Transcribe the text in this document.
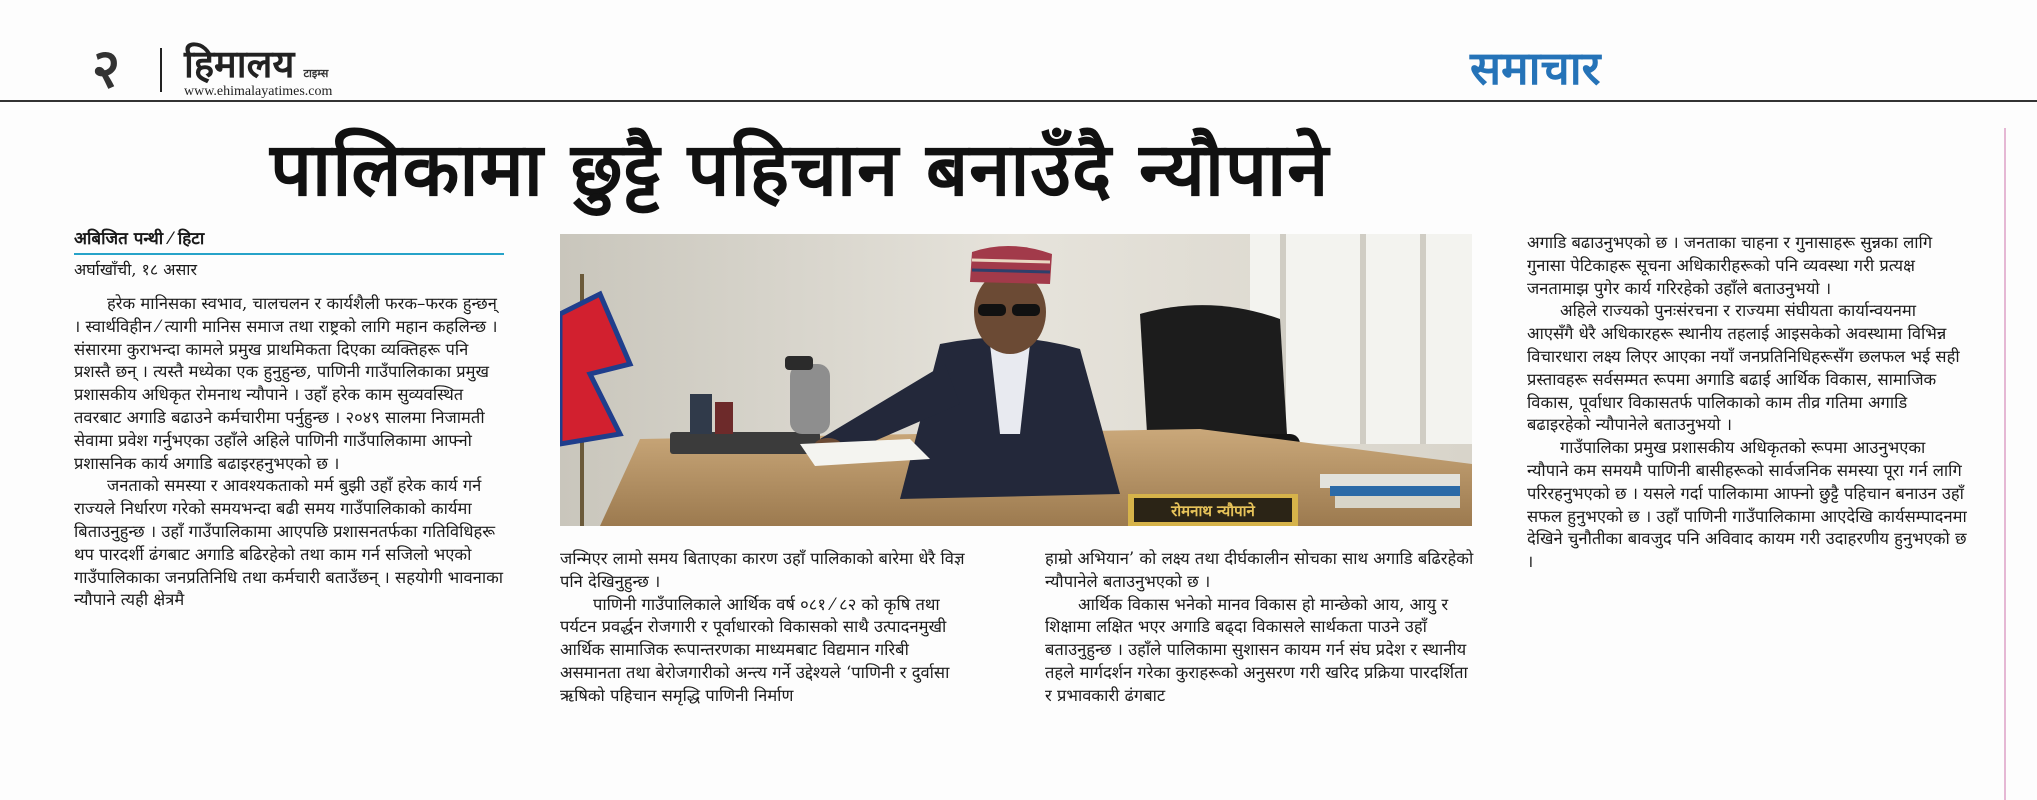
२ हिमालय टाइम्स
www.ehimalayatimes.com	समाचार
पालिकामा छुट्टै पहिचान बनाउँदै न्यौपाने
अबिजित पन्थी ⁄ हिटा
अर्घाखाँची, १८ असार

हरेक मानिसका स्वभाव, चालचलन र कार्यशैली फरक–फरक हुन्छन् । स्वार्थविहीन ⁄ त्यागी मानिस समाज तथा राष्ट्रको लागि महान कहलिन्छ । संसारमा कुराभन्दा कामले प्रमुख प्राथमिकता दिएका व्यक्तिहरू पनि प्रशस्तै छन् । त्यस्तै मध्येका एक हुनुहुन्छ, पाणिनी गाउँपालिकाका प्रमुख प्रशासकीय अधिकृत रोमनाथ न्यौपाने । उहाँ हरेक काम सुव्यवस्थित तवरबाट अगाडि बढाउने कर्मचारीमा पर्नुहुन्छ । २०४९ सालमा निजामती सेवामा प्रवेश गर्नुभएका उहाँले अहिले पाणिनी गाउँपालिकामा आफ्नो प्रशासनिक कार्य अगाडि बढाइरहनुभएको छ ।

जनताको समस्या र आवश्यकताको मर्म बुझी उहाँ हरेक कार्य गर्न राज्यले निर्धारण गरेको समयभन्दा बढी समय गाउँपालिकाको कार्यमा बिताउनुहुन्छ । उहाँ गाउँपालिकामा आएपछि प्रशासनतर्फका गतिविधिहरू थप पारदर्शी ढंगबाट अगाडि बढिरहेको तथा काम गर्न सजिलो भएको गाउँपालिकाका जनप्रतिनिधि तथा कर्मचारी बताउँछन् । सहयोगी भावनाका न्यौपाने त्यही क्षेत्रमै

रोमनाथ न्यौपाने

जन्मिएर लामो समय बिताएका कारण उहाँ पालिकाको बारेमा धेरै विज्ञ पनि देखिनुहुन्छ ।

पाणिनी गाउँपालिकाले आर्थिक वर्ष ०८१ ⁄ ८२ को कृषि तथा पर्यटन प्रवर्द्धन रोजगारी र पूर्वाधारको विकासको साथै उत्पादनमुखी आर्थिक सामाजिक रूपान्तरणका माध्यमबाट विद्यमान गरिबी असमानता तथा बेरोजगारीको अन्त्य गर्ने उद्देश्यले ‘पाणिनी र दुर्वासा ऋषिको पहिचान समृद्धि पाणिनी निर्माण

हाम्रो अभियान’ को लक्ष्य तथा दीर्घकालीन सोचका साथ अगाडि बढिरहेको न्यौपानेले बताउनुभएको छ ।

आर्थिक विकास भनेको मानव विकास हो मान्छेको आय, आयु र शिक्षामा लक्षित भएर अगाडि बढ्दा विकासले सार्थकता पाउने उहाँ बताउनुहुन्छ । उहाँले पालिकामा सुशासन कायम गर्न संघ प्रदेश र स्थानीय तहले मार्गदर्शन गरेका कुराहरूको अनुसरण गरी खरिद प्रक्रिया पारदर्शिता र प्रभावकारी ढंगबाट

अगाडि बढाउनुभएको छ । जनताका चाहना र गुनासाहरू सुन्नका लागि गुनासा पेटिकाहरू सूचना अधिकारीहरूको पनि व्यवस्था गरी प्रत्यक्ष जनतामाझ पुगेर कार्य गरिरहेको उहाँले बताउनुभयो ।

अहिले राज्यको पुनःसंरचना र राज्यमा संघीयता कार्यान्वयनमा आएसँगै धेरै अधिकारहरू स्थानीय तहलाई आइसकेको अवस्थामा विभिन्न विचारधारा लक्ष्य लिएर आएका नयाँ जनप्रतिनिधिहरूसँग छलफल भई सही प्रस्तावहरू सर्वसम्मत रूपमा अगाडि बढाई आर्थिक विकास, सामाजिक विकास, पूर्वाधार विकासतर्फ पालिकाको काम तीव्र गतिमा अगाडि बढाइरहेको न्यौपानेले बताउनुभयो ।

गाउँपालिका प्रमुख प्रशासकीय अधिकृतको रूपमा आउनुभएका न्यौपाने कम समयमै पाणिनी बासीहरूको सार्वजनिक समस्या पूरा गर्न लागि परिरहनुभएको छ । यसले गर्दा पालिकामा आफ्नो छुट्टै पहिचान बनाउन उहाँ सफल हुनुभएको छ । उहाँ पाणिनी गाउँपालिकामा आएदेखि कार्यसम्पादनमा देखिने चुनौतीका बावजुद पनि अविवाद कायम गरी उदाहरणीय हुनुभएको छ ।
